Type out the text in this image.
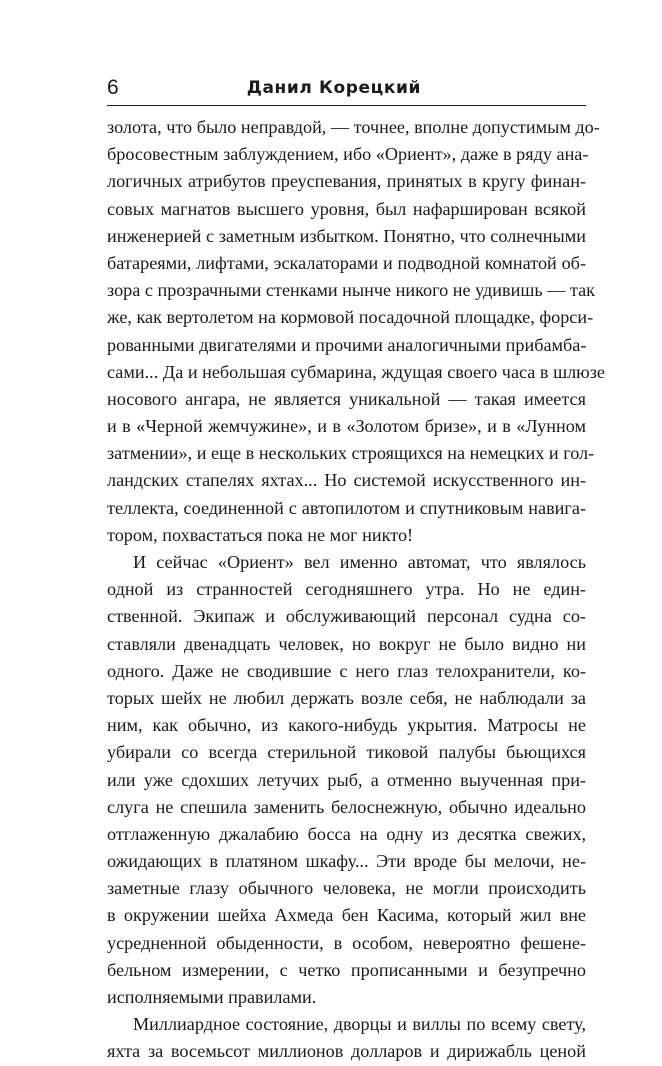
6	Данил Корецкий
золота, что было неправдой, — точнее, вполне допустимым до-
бросовестным заблуждением, ибо «Ориент», даже в ряду ана-
логичных атрибутов преуспевания, принятых в кругу финан-
совых магнатов высшего уровня, был нафарширован всякой
инженерией с заметным избытком. Понятно, что солнечными
батареями, лифтами, эскалаторами и подводной комнатой об-
зора с прозрачными стенками нынче никого не удивишь — так
же, как вертолетом на кормовой посадочной площадке, форси-
рованными двигателями и прочими аналогичными прибамба-
сами... Да и небольшая субмарина, ждущая своего часа в шлюзе
носового ангара, не является уникальной — такая имеется
и в «Черной жемчужине», и в «Золотом бризе», и в «Лунном
затмении», и еще в нескольких строящихся на немецких и гол-
ландских стапелях яхтах... Но системой искусственного ин-
теллекта, соединенной с автопилотом и спутниковым навига-
тором, похвастаться пока не мог никто!
И сейчас «Ориент» вел именно автомат, что являлось
одной из странностей сегодняшнего утра. Но не един-
ственной. Экипаж и обслуживающий персонал судна со-
ставляли двенадцать человек, но вокруг не было видно ни
одного. Даже не сводившие с него глаз телохранители, ко-
торых шейх не любил держать возле себя, не наблюдали за
ним, как обычно, из какого-нибудь укрытия. Матросы не
убирали со всегда стерильной тиковой палубы бьющихся
или уже сдохших летучих рыб, а отменно выученная при-
слуга не спешила заменить белоснежную, обычно идеально
отглаженную джалабию босса на одну из десятка свежих,
ожидающих в платяном шкафу... Эти вроде бы мелочи, не-
заметные глазу обычного человека, не могли происходить
в окружении шейха Ахмеда бен Касима, который жил вне
усредненной обыденности, в особом, невероятно фешене-
бельном измерении, с четко прописанными и безупречно
исполняемыми правилами.
Миллиардное состояние, дворцы и виллы по всему свету,
яхта за восемьсот миллионов долларов и дирижабль ценой
